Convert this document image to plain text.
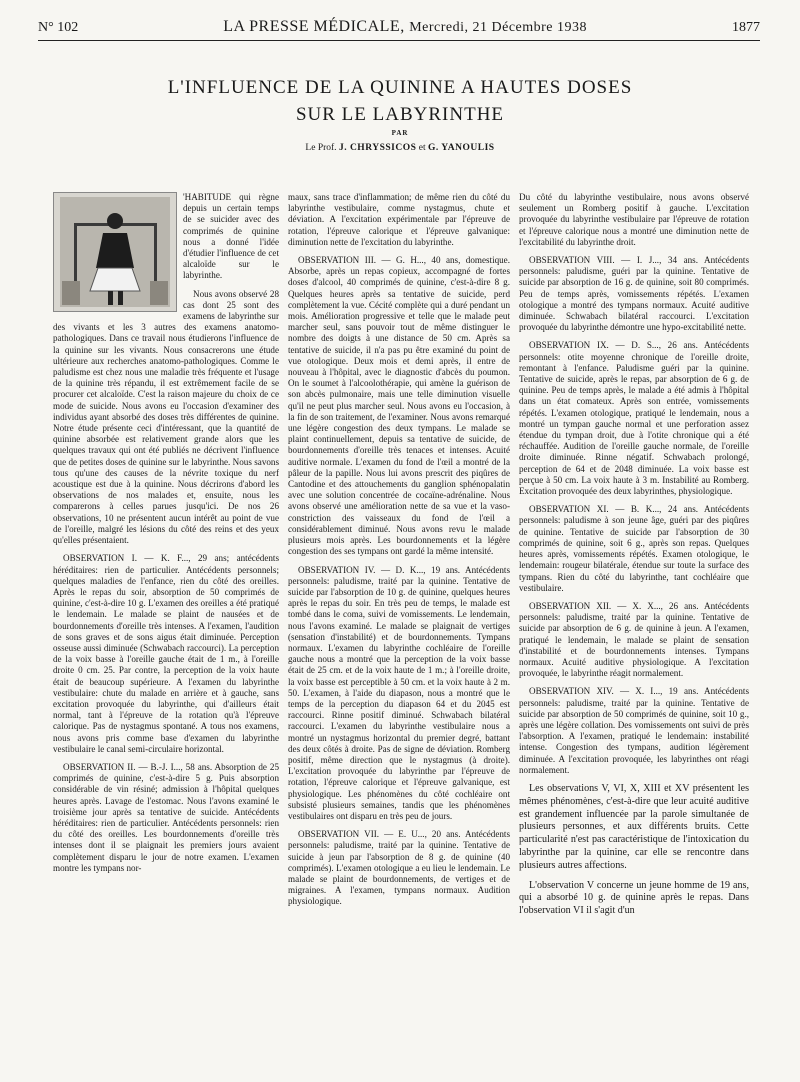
N° 102	LA PRESSE MÉDICALE, Mercredi, 21 Décembre 1938	1877
L'INFLUENCE DE LA QUININE A HAUTES DOSES
SUR LE LABYRINTHE
PAR
Le Prof. J. CHRYSSICOS et G. YANOULIS

'HABITUDE qui règne depuis un certain temps de se suicider avec des comprimés de quinine nous a donné l'idée d'étudier l'influence de cet alcaloïde sur le labyrinthe.

Nous avons observé 28 cas dont 25 sont des examens de labyrinthe sur des vivants et les 3 autres des examens anatomo-pathologiques. Dans ce travail nous étudierons l'influence de la quinine sur les vivants. Nous consacrerons une étude ultérieure aux recherches anatomo-pathologiques. Comme le paludisme est chez nous une maladie très fréquente et l'usage de la quinine très répandu, il est extrêmement facile de se procurer cet alcaloïde. C'est la raison majeure du choix de ce mode de suicide. Nous avons eu l'occasion d'examiner des individus ayant absorbé des doses très différentes de quinine. Notre étude présente ceci d'intéressant, que la quantité de quinine absorbée est relativement grande alors que les quelques travaux qui ont été publiés ne décrivent l'influence que de petites doses de quinine sur le labyrinthe. Nous savons tous qu'une des causes de la névrite toxique du nerf acoustique est due à la quinine. Nous décrirons d'abord les observations de nos malades et, ensuite, nous les comparerons à celles parues jusqu'ici. De nos 26 observations, 10 ne présentent aucun intérêt au point de vue de l'oreille, malgré les lésions du côté des reins et des yeux qu'elles présentaient.

OBSERVATION I. — K. F..., 29 ans; antécédents héréditaires: rien de particulier. Antécédents personnels; quelques maladies de l'enfance, rien du côté des oreilles. Après le repas du soir, absorption de 50 comprimés de quinine, c'est-à-dire 10 g. L'examen des oreilles a été pratiqué le lendemain. Le malade se plaint de nausées et de bourdonnements d'oreille très intenses. A l'examen, l'audition de sons graves et de sons aigus était diminuée. Perception osseuse aussi diminuée (Schwabach raccourci). La perception de la voix basse à l'oreille gauche était de 1 m., à l'oreille droite 0 cm. 25. Par contre, la perception de la voix haute était de beaucoup supérieure. A l'examen du labyrinthe vestibulaire: chute du malade en arrière et à gauche, sans excitation provoquée du labyrinthe, qui d'ailleurs était normal, tant à l'épreuve de la rotation qu'à l'épreuve calorique. Pas de nystagmus spontané. A tous nos examens, nous avons pris comme base d'examen du labyrinthe vestibulaire le canal semi-circulaire horizontal.

OBSERVATION II. — B.-J. I..., 58 ans. Absorption de 25 comprimés de quinine, c'est-à-dire 5 g. Puis absorption considérable de vin résiné; admission à l'hôpital quelques heures après. Lavage de l'estomac. Nous l'avons examiné le troisième jour après sa tentative de suicide. Antécédents héréditaires: rien de particulier. Antécédents personnels: rien du côté des oreilles. Les bourdonnements d'oreille très intenses dont il se plaignait les premiers jours avaient complètement disparu le jour de notre examen. L'examen montre les tympans nor-

maux, sans trace d'inflammation; de même rien du côté du labyrinthe vestibulaire, comme nystagmus, chute et déviation. A l'excitation expérimentale par l'épreuve de rotation, l'épreuve calorique et l'épreuve galvanique: diminution nette de l'excitation du labyrinthe.

OBSERVATION III. — G. H..., 40 ans, domestique. Absorbe, après un repas copieux, accompagné de fortes doses d'alcool, 40 comprimés de quinine, c'est-à-dire 8 g. Quelques heures après sa tentative de suicide, perd complètement la vue. Cécité complète qui a duré pendant un mois. Amélioration progressive et telle que le malade peut marcher seul, sans pouvoir tout de même distinguer le nombre des doigts à une distance de 50 cm. Après sa tentative de suicide, il n'a pas pu être examiné du point de vue otologique. Deux mois et demi après, il entre de nouveau à l'hôpital, avec le diagnostic d'abcès du poumon. On le soumet à l'alcoolothérapie, qui amène la guérison de son abcès pulmonaire, mais une telle diminution visuelle qu'il ne peut plus marcher seul. Nous avons eu l'occasion, à la fin de son traitement, de l'examiner. Nous avons remarqué une légère congestion des deux tympans. Le malade se plaint continuellement, depuis sa tentative de suicide, de bourdonnements d'oreille très tenaces et intenses. Acuité auditive normale. L'examen du fond de l'œil a montré de la pâleur de la papille. Nous lui avons prescrit des piqûres de Cantodine et des attouchements du ganglion sphénopalatin avec une solution concentrée de cocaïne-adrénaline. Nous avons observé une amélioration nette de sa vue et la vaso-constriction des vaisseaux du fond de l'œil a considérablement diminué. Nous avons revu le malade plusieurs mois après. Les bourdonnements et la légère congestion des ses tympans ont gardé la même intensité.

OBSERVATION IV. — D. K..., 19 ans. Antécédents personnels: paludisme, traité par la quinine. Tentative de suicide par l'absorption de 10 g. de quinine, quelques heures après le repas du soir. En très peu de temps, le malade est tombé dans le coma, suivi de vomissements. Le lendemain, nous l'avons examiné. Le malade se plaignait de vertiges (sensation d'instabilité) et de bourdonnements. Tympans normaux. L'examen du labyrinthe cochléaire de l'oreille gauche nous a montré que la perception de la voix basse était de 25 cm. et de la voix haute de 1 m.; à l'oreille droite, la voix basse est perceptible à 50 cm. et la voix haute à 2 m. 50. L'examen, à l'aide du diapason, nous a montré que le temps de la perception du diapason 64 et du 2045 est raccourci. Rinne positif diminué. Schwabach bilatéral raccourci. L'examen du labyrinthe vestibulaire nous a montré un nystagmus horizontal du premier degré, battant des deux côtés à droite. Pas de signe de déviation. Romberg positif, même direction que le nystagmus (à droite). L'excitation provoquée du labyrinthe par l'épreuve de rotation, l'épreuve calorique et l'épreuve galvanique, est physiologique. Les phénomènes du côté cochléaire ont subsisté plusieurs semaines, tandis que les phénomènes vestibulaires ont disparu en très peu de jours.

OBSERVATION VII. — E. U..., 20 ans. Antécédents personnels: paludisme, traité par la quinine. Tentative de suicide à jeun par l'absorption de 8 g. de quinine (40 comprimés). L'examen otologique a eu lieu le lendemain. Le malade se plaint de bourdonnements, de vertiges et de migraines. A l'examen, tympans normaux. Audition physiologique.

Du côté du labyrinthe vestibulaire, nous avons observé seulement un Romberg positif à gauche. L'excitation provoquée du labyrinthe vestibulaire par l'épreuve de rotation et l'épreuve calorique nous a montré une diminution nette de l'excitabilité du labyrinthe droit.

OBSERVATION VIII. — I. J..., 34 ans. Antécédents personnels: paludisme, guéri par la quinine. Tentative de suicide par absorption de 16 g. de quinine, soit 80 comprimés. Peu de temps après, vomissements répétés. L'examen otologique a montré des tympans normaux. Acuité auditive diminuée. Schwabach bilatéral raccourci. L'excitation provoquée du labyrinthe démontre une hypo-excitabilité nette.

OBSERVATION IX. — D. S..., 26 ans. Antécédents personnels: otite moyenne chronique de l'oreille droite, remontant à l'enfance. Paludisme guéri par la quinine. Tentative de suicide, après le repas, par absorption de 6 g. de quinine. Peu de temps après, le malade a été admis à l'hôpital dans un état comateux. Après son entrée, vomissements répétés. L'examen otologique, pratiqué le lendemain, nous a montré un tympan gauche normal et une perforation assez étendue du tympan droit, due à l'otite chronique qui a été réchauffée. Audition de l'oreille gauche normale, de l'oreille droite diminuée. Rinne négatif. Schwabach prolongé, perception de 64 et de 2048 diminuée. La voix basse est perçue à 50 cm. La voix haute à 3 m. Instabilité au Romberg. Excitation provoquée des deux labyrinthes, physiologique.

OBSERVATION XI. — B. K..., 24 ans. Antécédents personnels: paludisme à son jeune âge, guéri par des piqûres de quinine. Tentative de suicide par l'absorption de 30 comprimés de quinine, soit 6 g., après son repas. Quelques heures après, vomissements répétés. Examen otologique, le lendemain: rougeur bilatérale, étendue sur toute la surface des tympans. Rien du côté du labyrinthe, tant cochléaire que vestibulaire.

OBSERVATION XII. — X. X..., 26 ans. Antécédents personnels: paludisme, traité par la quinine. Tentative de suicide par absorption de 6 g. de quinine à jeun. A l'examen, pratiqué le lendemain, le malade se plaint de sensation d'instabilité et de bourdonnements intenses. Tympans normaux. Acuité auditive physiologique. A l'excitation provoquée, le labyrinthe réagit normalement.

OBSERVATION XIV. — X. I..., 19 ans. Antécédents personnels: paludisme, traité par la quinine. Tentative de suicide par absorption de 50 comprimés de quinine, soit 10 g., après une légère collation. Des vomissements ont suivi de près l'absorption. A l'examen, pratiqué le lendemain: instabilité intense. Congestion des tympans, audition légèrement diminuée. A l'excitation provoquée, les labyrinthes ont réagi normalement.

Les observations V, VI, X, XIII et XV présentent les mêmes phénomènes, c'est-à-dire que leur acuité auditive est grandement influencée par la parole simultanée de plusieurs personnes, et aux différents bruits. Cette particularité n'est pas caractéristique de l'intoxication du labyrinthe par la quinine, car elle se rencontre dans plusieurs autres affections.

L'observation V concerne un jeune homme de 19 ans, qui a absorbé 10 g. de quinine après le repas. Dans l'observation VI il s'agit d'un
